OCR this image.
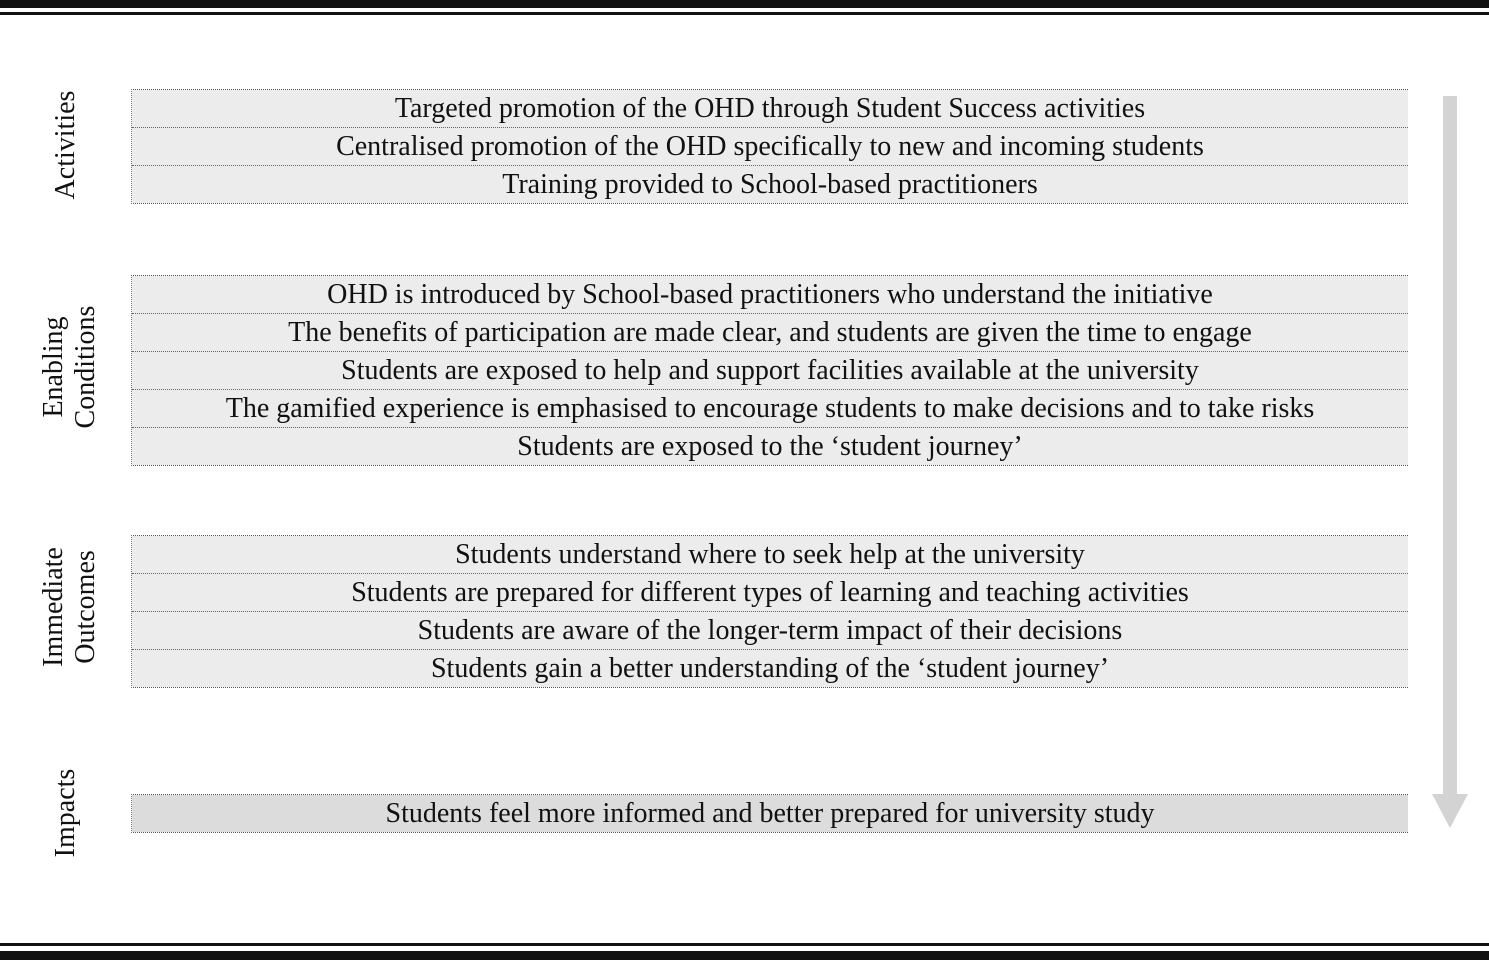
Activities	Targeted promotion of the OHD through Student Success activities
Centralised promotion of the OHD specifically to new and incoming students
Training provided to School-based practitioners
Enabling Conditions
OHD is introduced by School-based practitioners who understand the initiative
The benefits of participation are made clear, and students are given the time to engage
Students are exposed to help and support facilities available at the university
The gamified experience is emphasised to encourage students to make decisions and to take risks
Students are exposed to the ‘student journey’
Immediate Outcomes	Students understand where to seek help at the university
Students are prepared for different types of learning and teaching activities
Students are aware of the longer-term impact of their decisions
Students gain a better understanding of the ‘student journey’
Impacts	Students feel more informed and better prepared for university study
